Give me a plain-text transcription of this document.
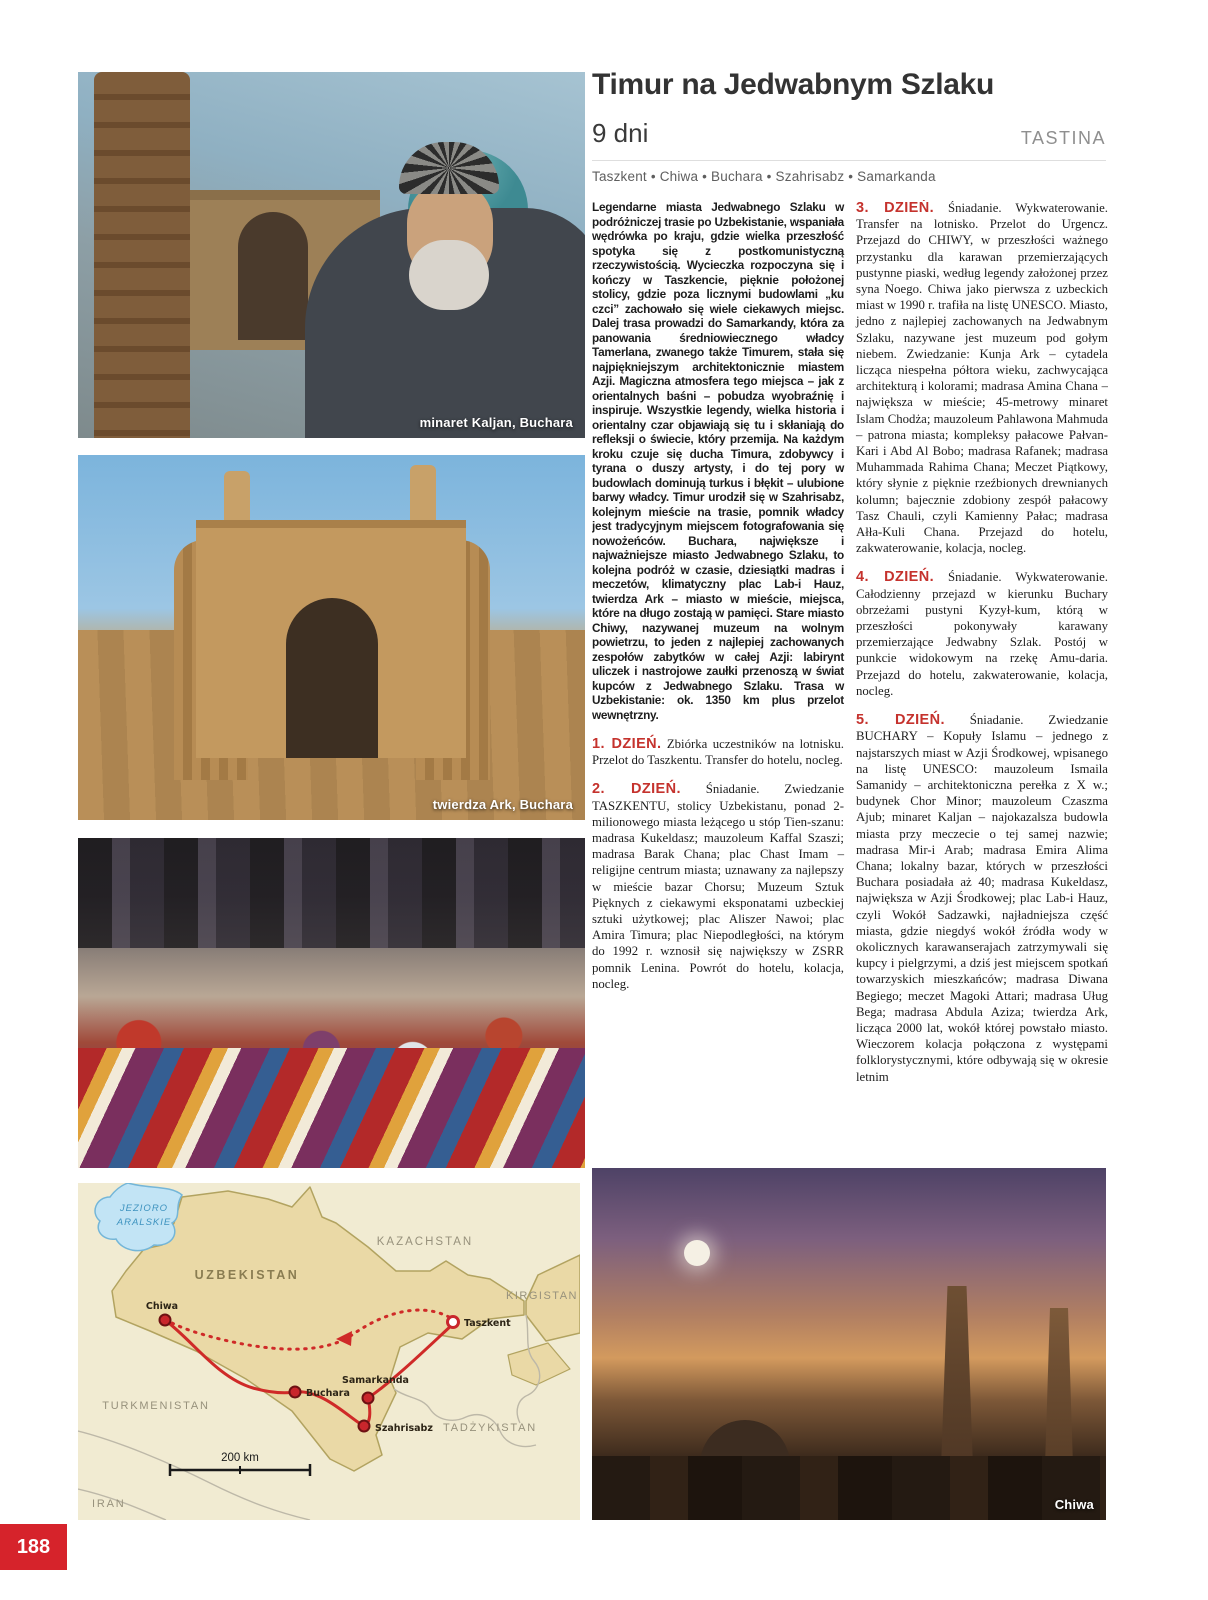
minaret Kaljan, Buchara
twierdza Ark, Buchara
JEZIORO
ARALSKIE
KAZACHSTAN
UZBEKISTAN
KIRGISTAN
TURKMENISTAN
TADŻYKISTAN
IRAN
Chiwa
Taszkent
Buchara
Samarkanda
Szahrisabz
200 km
Timur na Jedwabnym Szlaku
9 dni	TASTINA
Taszkent • Chiwa • Buchara • Szahrisabz • Samarkanda

Legendarne miasta Jedwabnego Szlaku w podróżniczej trasie po Uzbekistanie, wspaniała wędrówka po kraju, gdzie wielka przeszłość spotyka się z postkomunistyczną rzeczywistością. Wycieczka rozpoczyna się i kończy w Taszkencie, pięknie położonej stolicy, gdzie poza licznymi budowlami „ku czci” zachowało się wiele ciekawych miejsc. Dalej trasa prowadzi do Samarkandy, która za panowania średniowiecznego władcy Tamerlana, zwanego także Timurem, stała się najpiękniejszym architektonicznie miastem Azji. Magiczna atmosfera tego miejsca – jak z orientalnych baśni – pobudza wyobraźnię i inspiruje. Wszystkie legendy, wielka historia i orientalny czar objawiają się tu i skłaniają do refleksji o świecie, który przemija. Na każdym kroku czuje się ducha Timura, zdobywcy i tyrana o duszy artysty, i do tej pory w budowlach dominują turkus i błękit – ulubione barwy władcy. Timur urodził się w Szahrisabz, kolejnym mieście na trasie, pomnik władcy jest tradycyjnym miejscem fotografowania się nowożeńców. Buchara, największe i najważniejsze miasto Jedwabnego Szlaku, to kolejna podróż w czasie, dziesiątki madras i meczetów, klimatyczny plac Lab-i Hauz, twierdza Ark – miasto w mieście, miejsca, które na długo zostają w pamięci. Stare miasto Chiwy, nazywanej muzeum na wolnym powietrzu, to jeden z najlepiej zachowanych zespołów zabytków w całej Azji: labirynt uliczek i nastrojowe zaułki przenoszą w świat kupców z Jedwabnego Szlaku. Trasa w Uzbekistanie: ok. 1350 km plus przelot wewnętrzny.

1. DZIEŃ. Zbiórka uczestników na lotnisku. Przelot do Taszkentu. Transfer do hotelu, nocleg.

2. DZIEŃ. Śniadanie. Zwiedzanie TASZKENTU, stolicy Uzbekistanu, ponad 2-milionowego miasta leżącego u stóp Tien-szanu: madrasa Kukeldasz; mauzoleum Kaffal Szaszi; madrasa Barak Chana; plac Chast Imam – religijne centrum miasta; uznawany za najlepszy w mieście bazar Chorsu; Muzeum Sztuk Pięknych z ciekawymi eksponatami uzbeckiej sztuki użytkowej; plac Aliszer Nawoi; plac Amira Timura; plac Niepodległości, na którym do 1992 r. wznosił się największy w ZSRR pomnik Lenina. Powrót do hotelu, kolacja, nocleg.

3. DZIEŃ. Śniadanie. Wykwaterowanie. Transfer na lotnisko. Przelot do Urgencz. Przejazd do CHIWY, w przeszłości ważnego przystanku dla karawan przemierzających pustynne piaski, według legendy założonej przez syna Noego. Chiwa jako pierwsza z uzbeckich miast w 1990 r. trafiła na listę UNESCO. Miasto, jedno z najlepiej zachowanych na Jedwabnym Szlaku, nazywane jest muzeum pod gołym niebem. Zwiedzanie: Kunja Ark – cytadela licząca niespełna półtora wieku, zachwycająca architekturą i kolorami; madrasa Amina Chana – największa w mieście; 45-metrowy minaret Islam Chodża; mauzoleum Pahlawona Mahmuda – patrona miasta; kompleksy pałacowe Pałvan-Kari i Abd Al Bobo; madrasa Rafanek; madrasa Muhammada Rahima Chana; Meczet Piątkowy, który słynie z pięknie rzeźbionych drewnianych kolumn; bajecznie zdobiony zespół pałacowy Tasz Chauli, czyli Kamienny Pałac; madrasa Ałła-Kuli Chana. Przejazd do hotelu, zakwaterowanie, kolacja, nocleg.

4. DZIEŃ. Śniadanie. Wykwaterowanie. Całodzienny przejazd w kierunku Buchary obrzeżami pustyni Kyzył-kum, którą w przeszłości pokonywały karawany przemierzające Jedwabny Szlak. Postój w punkcie widokowym na rzekę Amu-daria. Przejazd do hotelu, zakwaterowanie, kolacja, nocleg.

5. DZIEŃ. Śniadanie. Zwiedzanie BUCHARY – Kopuły Islamu – jednego z najstarszych miast w Azji Środkowej, wpisanego na listę UNESCO: mauzoleum Ismaila Samanidy – architektoniczna perełka z X w.; budynek Chor Minor; mauzoleum Czaszma Ajub; minaret Kaljan – najokazalsza budowla miasta przy meczecie o tej samej nazwie; madrasa Mir-i Arab; madrasa Emira Alima Chana; lokalny bazar, których w przeszłości Buchara posiadała aż 40; madrasa Kukeldasz, największa w Azji Środkowej; plac Lab-i Hauz, czyli Wokół Sadzawki, najładniejsza część miasta, gdzie niegdyś wokół źródła wody w okolicznych karawanserajach zatrzymywali się kupcy i pielgrzymi, a dziś jest miejscem spotkań towarzyskich mieszkańców; madrasa Diwana Begiego; meczet Magoki Attari; madrasa Uług Bega; madrasa Abdula Aziza; twierdza Ark, licząca 2000 lat, wokół której powstało miasto. Wieczorem kolacja połączona z występami folklorystycznymi, które odbywają się w okresie letnim

Chiwa
188
